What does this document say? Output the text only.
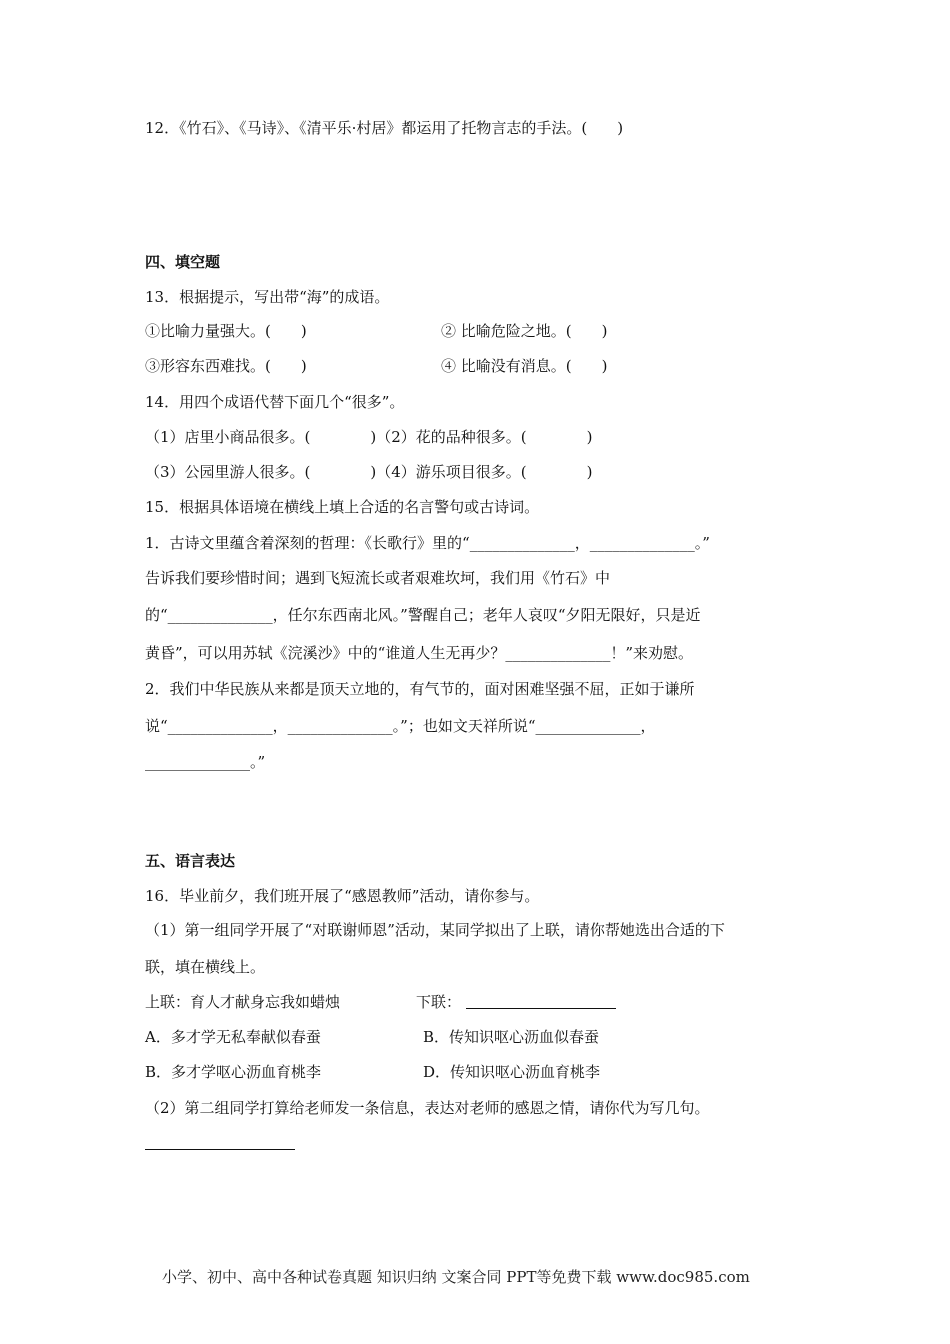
12．《竹石》、《马诗》、《清平乐·村居》都运用了托物言志的手法。(　　)
四、填空题
13．根据提示，写出带“海”的成语。
①比喻力量强大。(　　)	② 比喻危险之地。(　　)
③形容东西难找。(　　)	④ 比喻没有消息。(　　)
14．用四个成语代替下面几个“很多”。
（1）店里小商品很多。(　　　　)（2）花的品种很多。(　　　　)
（3）公园里游人很多。(　　　　)（4）游乐项目很多。(　　　　)
15．根据具体语境在横线上填上合适的名言警句或古诗词。
1．古诗文里蕴含着深刻的哲理：《长歌行》里的“______________，______________。”
告诉我们要珍惜时间；遇到飞短流长或者艰难坎坷，我们用《竹石》中
的“______________，任尔东西南北风。”警醒自己；老年人哀叹“夕阳无限好，只是近
黄昏”，可以用苏轼《浣溪沙》中的“谁道人生无再少？______________！”来劝慰。
2．我们中华民族从来都是顶天立地的，有气节的，面对困难坚强不屈，正如于谦所
说“______________，______________。”；也如文天祥所说“______________，
______________。”
五、语言表达
16．毕业前夕，我们班开展了“感恩教师”活动，请你参与。
（1）第一组同学开展了“对联谢师恩”活动，某同学拟出了上联，请你帮她选出合适的下
联，填在横线上。
上联：育人才献身忘我如蜡烛	下联：
A．多才学无私奉献似春蚕	B．传知识呕心沥血似春蚕
B．多才学呕心沥血育桃李	D．传知识呕心沥血育桃李
（2）第二组同学打算给老师发一条信息，表达对老师的感恩之情，请你代为写几句。
小学、初中、高中各种试卷真题 知识归纳 文案合同 PPT等免费下载 www.doc985.com
